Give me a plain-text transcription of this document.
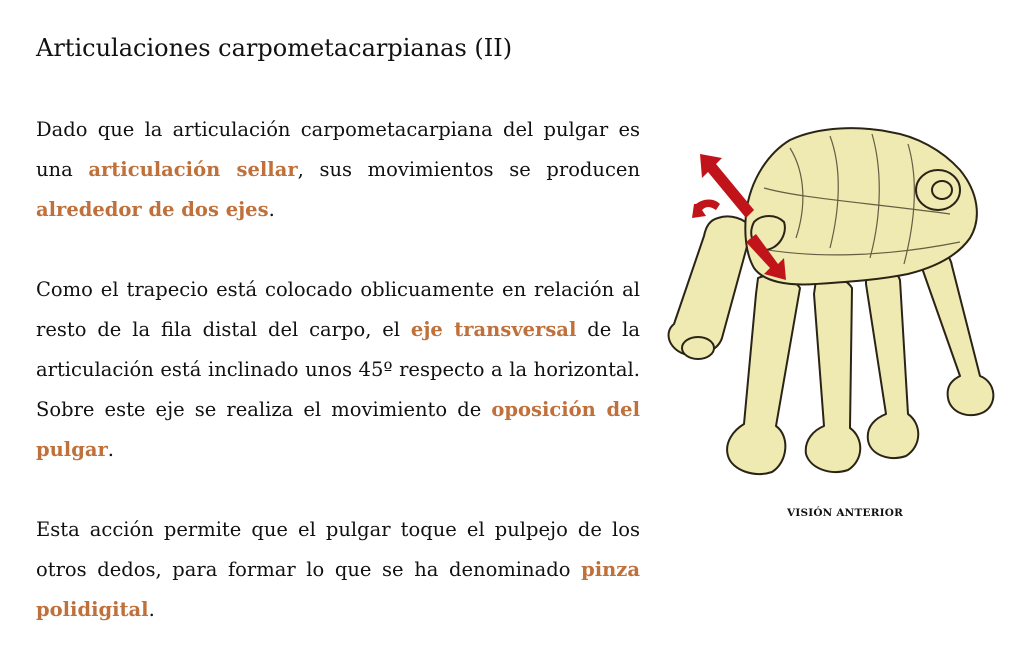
Articulaciones carpometacarpianas (II)

Dado que la articulación carpometacarpiana del pulgar es una articulación sellar, sus movimientos se producen alrededor de dos ejes.

Como el trapecio está colocado oblicuamente en relación al resto de la fila distal del carpo, el eje transversal de la articulación está inclinado unos 45º respecto a la horizontal. Sobre este eje se realiza el movimiento de oposición del pulgar.

Esta acción permite que el pulgar toque el pulpejo de los otros dedos, para formar lo que se ha denominado pinza polidigital.

VISIÓN ANTERIOR
